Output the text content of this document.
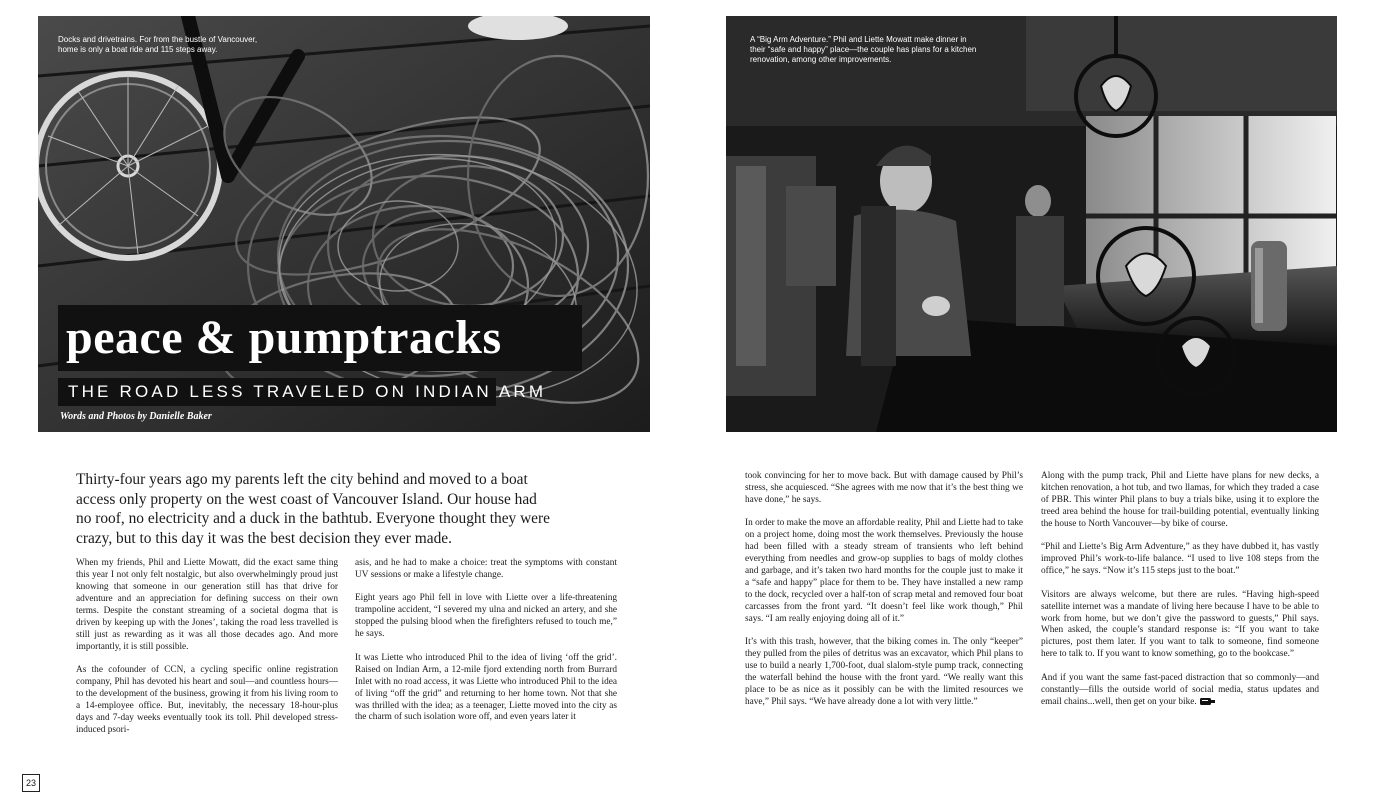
Docks and drivetrains. For from the bustle of Vancouver, home is only a boat ride and 115 steps away.
peace & pumptracks
THE ROAD LESS TRAVELED ON INDIAN ARM
Words and Photos by Danielle Baker
A “Big Arm Adventure.” Phil and Liette Mowatt make dinner in their “safe and happy” place—the couple has plans for a kitchen renovation, among other improvements.

Thirty-four years ago my parents left the city behind and moved to a boat access only property on the west coast of Vancouver Island. Our house had no roof, no electricity and a duck in the bathtub. Everyone thought they were crazy, but to this day it was the best decision they ever made.

When my friends, Phil and Liette Mowatt, did the exact same thing this year I not only felt nostalgic, but also overwhelmingly proud just knowing that someone in our generation still has that drive for adventure and an appreciation for defining success on their own terms. Despite the constant streaming of a societal dogma that is driven by keeping up with the Jones’, taking the road less travelled is still just as rewarding as it was all those decades ago. And more importantly, it is still possible.

As the cofounder of CCN, a cycling specific online registration company, Phil has devoted his heart and soul—and countless hours—to the development of the business, growing it from his living room to a 14-employee office. But, inevitably, the necessary 18-hour-plus days and 7-day weeks eventually took its toll. Phil developed stress-induced psori-

asis, and he had to make a choice: treat the symptoms with constant UV sessions or make a lifestyle change.

Eight years ago Phil fell in love with Liette over a life-threatening trampoline accident, “I severed my ulna and nicked an artery, and she stopped the pulsing blood when the firefighters refused to touch me,” he says.

It was Liette who introduced Phil to the idea of living ‘off the grid’. Raised on Indian Arm, a 12-mile fjord extending north from Burrard Inlet with no road access, it was Liette who introduced Phil to the idea of living “off the grid” and returning to her home town. Not that she was thrilled with the idea; as a teenager, Liette moved into the city as the charm of such isolation wore off, and even years later it

took convincing for her to move back. But with damage caused by Phil’s stress, she acquiesced. “She agrees with me now that it’s the best thing we have done,” he says.

In order to make the move an affordable reality, Phil and Liette had to take on a project home, doing most the work themselves. Previously the house had been filled with a steady stream of transients who left behind everything from needles and grow-op supplies to bags of moldy clothes and garbage, and it’s taken two hard months for the couple just to make it a “safe and happy” place for them to be. They have installed a new ramp to the dock, recycled over a half-ton of scrap metal and removed four boat carcasses from the front yard. “It doesn’t feel like work though,” Phil says. “I am really enjoying doing all of it.”

It’s with this trash, however, that the biking comes in. The only “keeper” they pulled from the piles of detritus was an excavator, which Phil plans to use to build a nearly 1,700-foot, dual slalom-style pump track, connecting the waterfall behind the house with the front yard. “We really want this place to be as nice as it possibly can be with the limited resources we have,” Phil says. “We have already done a lot with very little.”

Along with the pump track, Phil and Liette have plans for new decks, a kitchen renovation, a hot tub, and two llamas, for which they traded a case of PBR. This winter Phil plans to buy a trials bike, using it to explore the treed area behind the house for trail-building potential, eventually linking the house to North Vancouver—by bike of course.

“Phil and Liette’s Big Arm Adventure,” as they have dubbed it, has vastly improved Phil’s work-to-life balance. “I used to live 108 steps from the office,” he says. “Now it’s 115 steps just to the boat.”

Visitors are always welcome, but there are rules. “Having high-speed satellite internet was a mandate of living here because I have to be able to work from home, but we don’t give the password to guests,” Phil says. When asked, the couple’s standard response is: “If you want to take pictures, post them later. If you want to talk to someone, find someone here to talk to. If you want to know something, go to the bookcase.”

And if you want the same fast-paced distraction that so commonly—and constantly—fills the outside world of social media, status updates and email chains...well, then get on your bike.

23
